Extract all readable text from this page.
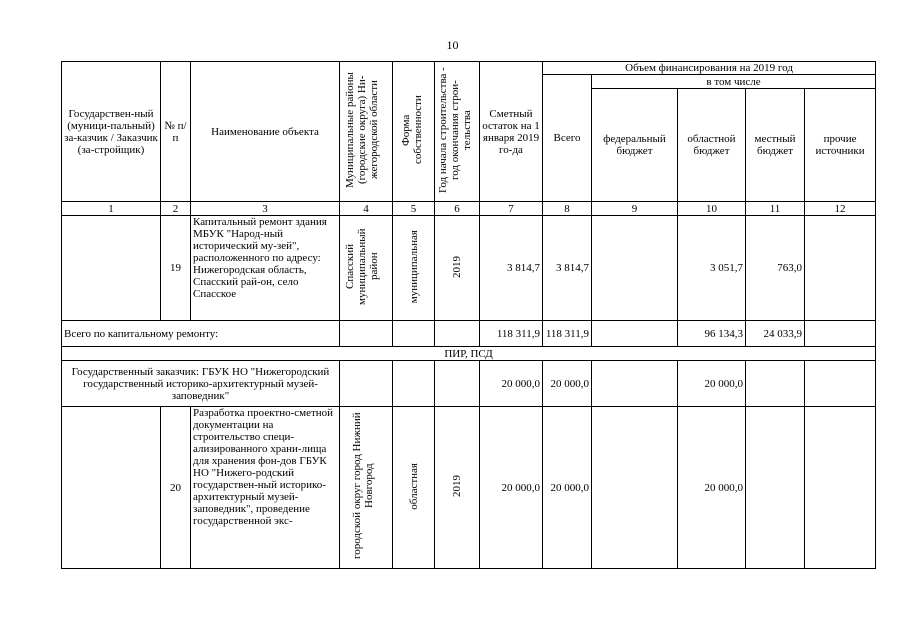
10
Государствен-ный (муници-пальный) за-казчик / Заказчик (за-стройщик)	№ п/п	Наименование объекта	Муниципальные районы (городские округа) Ни-жегородской области	Форма собственности	Год начала строительства - год окончания строи-тельства	Сметный остаток на 1 января 2019 го-да	Объем финансирования на 2019 год				
							Всего	в том числе			
								федеральный бюджет	областной бюджет	местный бюджет	прочие источники
1	2	3	4	5	6	7	8	9	10	11	12
	19	Капитальный ремонт здания МБУК "Народ-ный исторический му-зей", расположенного по адресу: Нижегородская область, Спасский рай-он, село Спасское	Спасский муниципальный район	муниципальная	2019	3 814,7	3 814,7		3 051,7	763,0	
Всего по капитальному ремонту:						118 311,9	118 311,9		96 134,3	24 033,9	
ПИР, ПСД											
Государственный заказчик: ГБУК НО "Нижегородский государственный историко-архитектурный музей-заповедник"						20 000,0	20 000,0		20 000,0		
	20	Разработка проектно-сметной документации на строительство специ-ализированного храни-лища для хранения фон-дов ГБУК НО "Нижего-родский государствен-ный историко-архитектурный музей-заповедник", проведение государственной экс-	городской округ город Нижний Новгород	областная	2019	20 000,0	20 000,0		20 000,0		
